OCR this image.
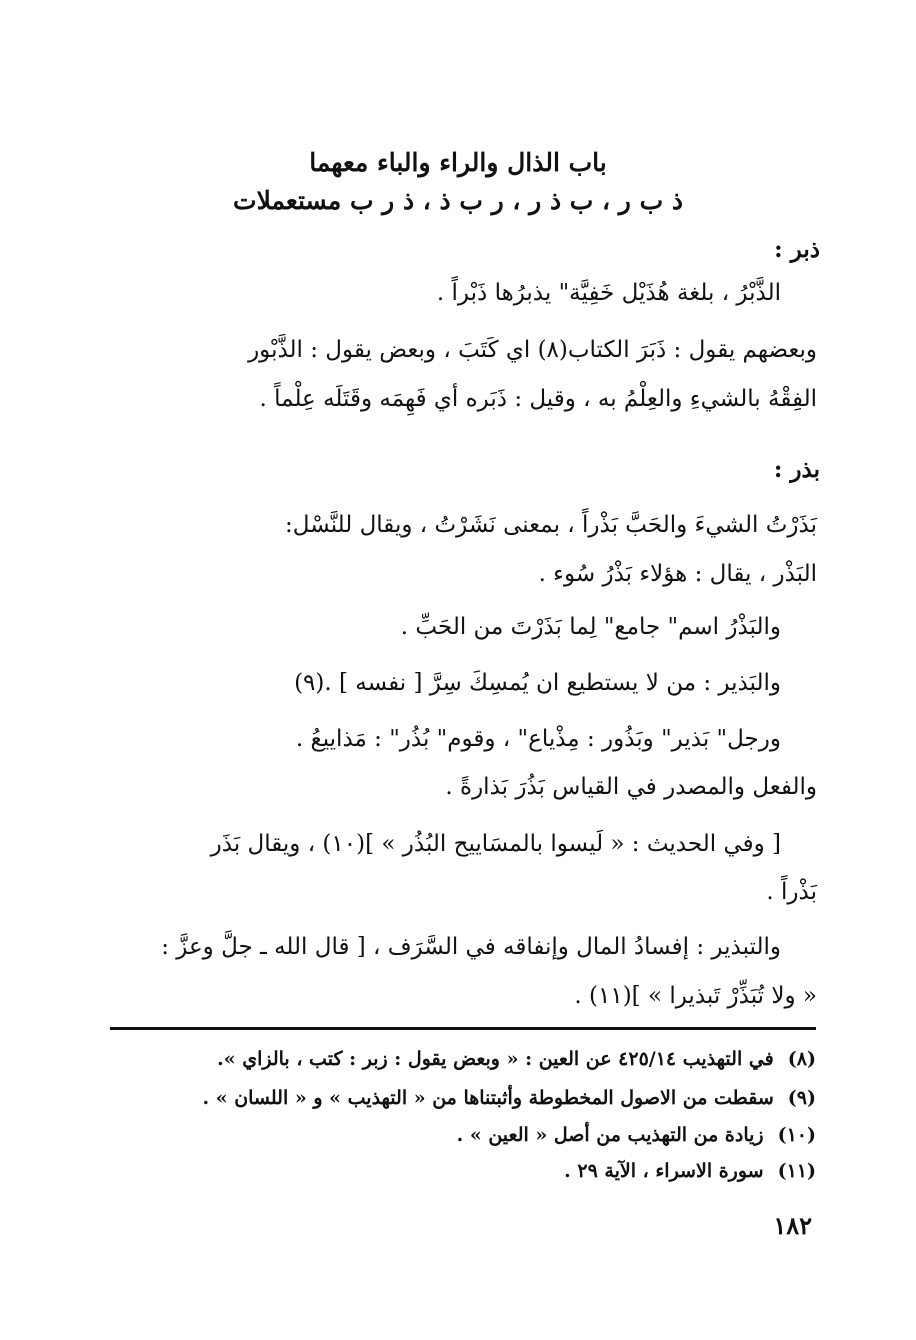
باب الذال والراء والباء معهما
ذ ب ر ، ب ذ ر ، ر ب ذ ، ذ ر ب مستعملات
ذبر :
الذَّبْرُ ، بلغة هُذَيْل خَفِيَّة" يذبرُها ذَبْراً .
وبعضهم يقول : ذَبَرَ الكتاب(٨) اي كَتَبَ ، وبعض يقول : الذَّبْور
الفِقْهُ بالشيءِ والعِلْمُ به ، وقيل : ذَبَره أي فَهِمَه وقَتَلَه عِلْماً .
بذر :
بَذَرْتُ الشيءَ والحَبَّ بَذْراً ، بمعنى نَشَرْتُ ، ويقال للنَّسْل:
البَذْر ، يقال : هؤلاء بَذْرُ سُوء .
والبَذْرُ اسم" جامع" لِما بَذَرْتَ من الحَبِّ .
والبَذير : من لا يستطيع ان يُمسِكَ سِرَّ [ نفسه ] .(٩)
ورجل" بَذير" وبَذُور : مِذْياع" ، وقوم" بُذُر" : مَذاييعُ .
والفعل والمصدر في القياس بَذُرَ بَذارةً .
[ وفي الحديث : « لَيسوا بالمسَاييح البُذُر » ](١٠) ، ويقال بَذَر
بَذْراً .
والتبذير : إفسادُ المال وإنفاقه في السَّرَف ، [ قال الله ـ جلَّ وعزَّ :
« ولا تُبَذِّرْ تَبذيرا » ](١١) .
(٨)في التهذيب ٤٢٥/١٤ عن العين : « وبعض يقول : زبر : كتب ، بالزاي ».
(٩)سقطت من الاصول المخطوطة وأثبتناها من « التهذيب » و « اللسان » .
(١٠)زيادة من التهذيب من أصل « العين » .
(١١)سورة الاسراء ، الآية ٢٩ .
١٨٢
